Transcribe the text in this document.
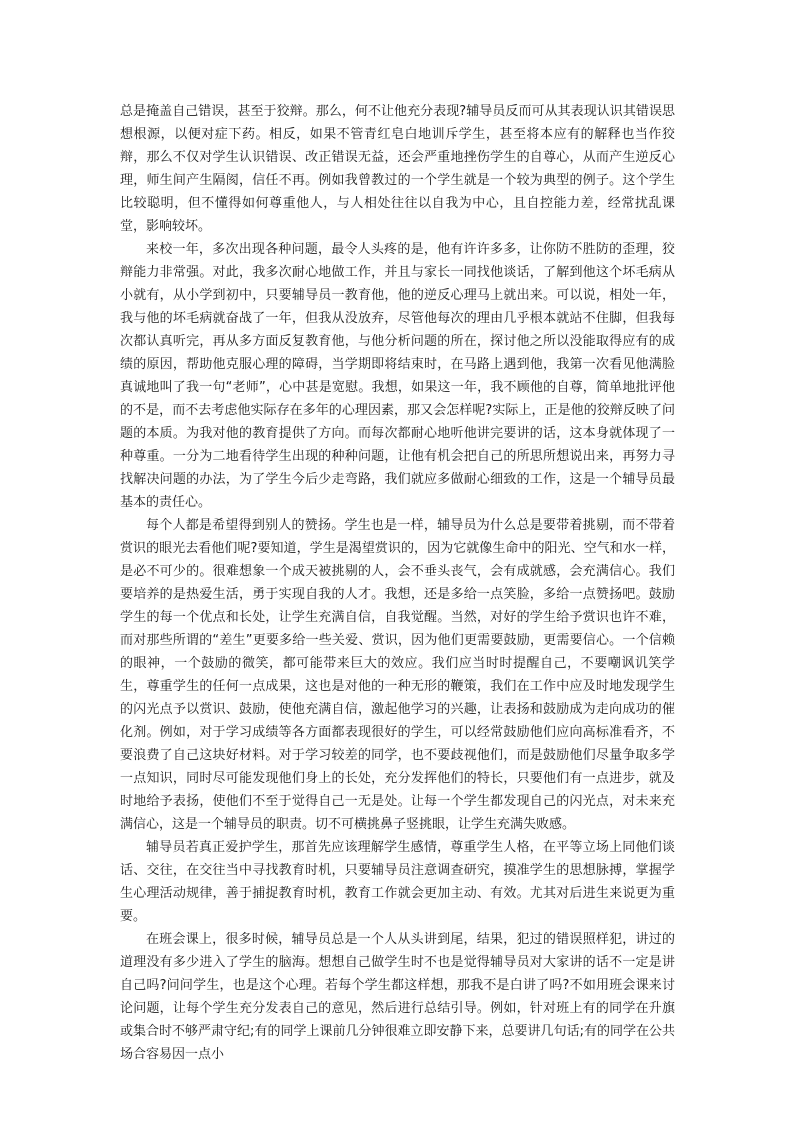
总是掩盖自己错误，甚至于狡辩。那么，何不让他充分表现?辅导员反而可从其表现认识其错误思想根源，以便对症下药。相反，如果不管青红皂白地训斥学生，甚至将本应有的解释也当作狡辩，那么不仅对学生认识错误、改正错误无益，还会严重地挫伤学生的自尊心，从而产生逆反心理，师生间产生隔阂，信任不再。例如我曾教过的一个学生就是一个较为典型的例子。这个学生比较聪明，但不懂得如何尊重他人，与人相处往往以自我为中心，且自控能力差，经常扰乱课堂，影响较坏。

来校一年，多次出现各种问题，最令人头疼的是，他有许许多多，让你防不胜防的歪理，狡辩能力非常强。对此，我多次耐心地做工作，并且与家长一同找他谈话，了解到他这个坏毛病从小就有，从小学到初中，只要辅导员一教育他，他的逆反心理马上就出来。可以说，相处一年，我与他的坏毛病就奋战了一年，但我从没放弃，尽管他每次的理由几乎根本就站不住脚，但我每次都认真听完，再从多方面反复教育他，与他分析问题的所在，探讨他之所以没能取得应有的成绩的原因，帮助他克服心理的障碍，当学期即将结束时，在马路上遇到他，我第一次看见他满脸真诚地叫了我一句“老师”，心中甚是宽慰。我想，如果这一年，我不顾他的自尊，简单地批评他的不是，而不去考虑他实际存在多年的心理因素，那又会怎样呢?实际上，正是他的狡辩反映了问题的本质。为我对他的教育提供了方向。而每次都耐心地听他讲完要讲的话，这本身就体现了一种尊重。一分为二地看待学生出现的种种问题，让他有机会把自己的所思所想说出来，再努力寻找解决问题的办法，为了学生今后少走弯路，我们就应多做耐心细致的工作，这是一个辅导员最基本的责任心。

每个人都是希望得到别人的赞扬。学生也是一样，辅导员为什么总是要带着挑剔，而不带着赏识的眼光去看他们呢?要知道，学生是渴望赏识的，因为它就像生命中的阳光、空气和水一样，是必不可少的。很难想象一个成天被挑剔的人，会不垂头丧气，会有成就感，会充满信心。我们要培养的是热爱生活，勇于实现自我的人才。我想，还是多给一点笑脸，多给一点赞扬吧。鼓励学生的每一个优点和长处，让学生充满自信，自我觉醒。当然，对好的学生给予赏识也许不难，而对那些所谓的“差生”更要多给一些关爱、赏识，因为他们更需要鼓励，更需要信心。一个信赖的眼神，一个鼓励的微笑，都可能带来巨大的效应。我们应当时时提醒自己，不要嘲讽讥笑学生，尊重学生的任何一点成果，这也是对他的一种无形的鞭策，我们在工作中应及时地发现学生的闪光点予以赏识、鼓励，使他充满自信，激起他学习的兴趣，让表扬和鼓励成为走向成功的催化剂。例如，对于学习成绩等各方面都表现很好的学生，可以经常鼓励他们应向高标准看齐，不要浪费了自己这块好材料。对于学习较差的同学，也不要歧视他们，而是鼓励他们尽量争取多学一点知识，同时尽可能发现他们身上的长处，充分发挥他们的特长，只要他们有一点进步，就及时地给予表扬，使他们不至于觉得自己一无是处。让每一个学生都发现自己的闪光点，对未来充满信心，这是一个辅导员的职责。切不可横挑鼻子竖挑眼，让学生充满失败感。

辅导员若真正爱护学生，那首先应该理解学生感情，尊重学生人格，在平等立场上同他们谈话、交往，在交往当中寻找教育时机，只要辅导员注意调查研究，摸准学生的思想脉搏，掌握学生心理活动规律，善于捕捉教育时机，教育工作就会更加主动、有效。尤其对后进生来说更为重要。

在班会课上，很多时候，辅导员总是一个人从头讲到尾，结果，犯过的错误照样犯，讲过的道理没有多少进入了学生的脑海。想想自己做学生时不也是觉得辅导员对大家讲的话不一定是讲自己吗?问问学生，也是这个心理。若每个学生都这样想，那我不是白讲了吗?不如用班会课来讨论问题，让每个学生充分发表自己的意见，然后进行总结引导。例如，针对班上有的同学在升旗或集合时不够严肃守纪;有的同学上课前几分钟很难立即安静下来，总要讲几句话;有的同学在公共场合容易因一点小
